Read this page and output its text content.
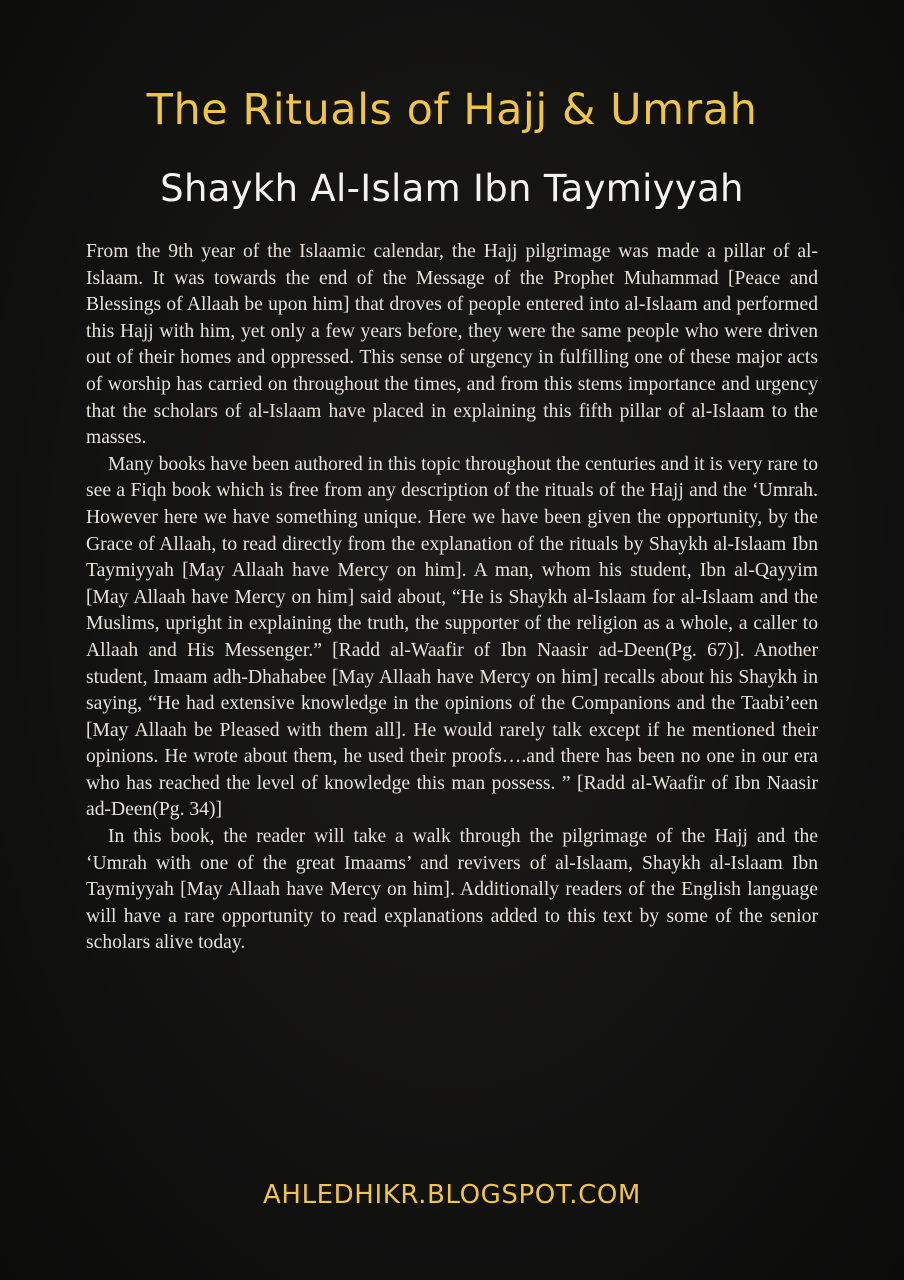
The Rituals of Hajj & Umrah
Shaykh Al-Islam Ibn Taymiyyah

From the 9th year of the Islaamic calendar, the Hajj pilgrimage was made a pillar of al-Islaam. It was towards the end of the Message of the Prophet Muhammad [Peace and Blessings of Allaah be upon him] that droves of people entered into al-Islaam and performed this Hajj with him, yet only a few years before, they were the same people who were driven out of their homes and oppressed. This sense of urgency in fulfilling one of these major acts of worship has carried on throughout the times, and from this stems importance and urgency that the scholars of al-Islaam have placed in explaining this fifth pillar of al-Islaam to the masses.

Many books have been authored in this topic throughout the centuries and it is very rare to see a Fiqh book which is free from any description of the rituals of the Hajj and the ‘Umrah. However here we have something unique. Here we have been given the opportunity, by the Grace of Allaah, to read directly from the explanation of the rituals by Shaykh al-Islaam Ibn Taymiyyah [May Allaah have Mercy on him]. A man, whom his student, Ibn al-Qayyim [May Allaah have Mercy on him] said about, “He is Shaykh al-Islaam for al-Islaam and the Muslims, upright in explaining the truth, the supporter of the religion as a whole, a caller to Allaah and His Messenger.” [Radd al-Waafir of Ibn Naasir ad-Deen(Pg. 67)]. Another student, Imaam adh-Dhahabee [May Allaah have Mercy on him] recalls about his Shaykh in saying, “He had extensive knowledge in the opinions of the Companions and the Taabi’een [May Allaah be Pleased with them all]. He would rarely talk except if he mentioned their opinions. He wrote about them, he used their proofs….and there has been no one in our era who has reached the level of knowledge this man possess. ” [Radd al-Waafir of Ibn Naasir ad-Deen(Pg. 34)]

In this book, the reader will take a walk through the pilgrimage of the Hajj and the ‘Umrah with one of the great Imaams’ and revivers of al-Islaam, Shaykh al-Islaam Ibn Taymiyyah [May Allaah have Mercy on him]. Additionally readers of the English language will have a rare opportunity to read explanations added to this text by some of the senior scholars alive today.

AHLEDHIKR.BLOGSPOT.COM
